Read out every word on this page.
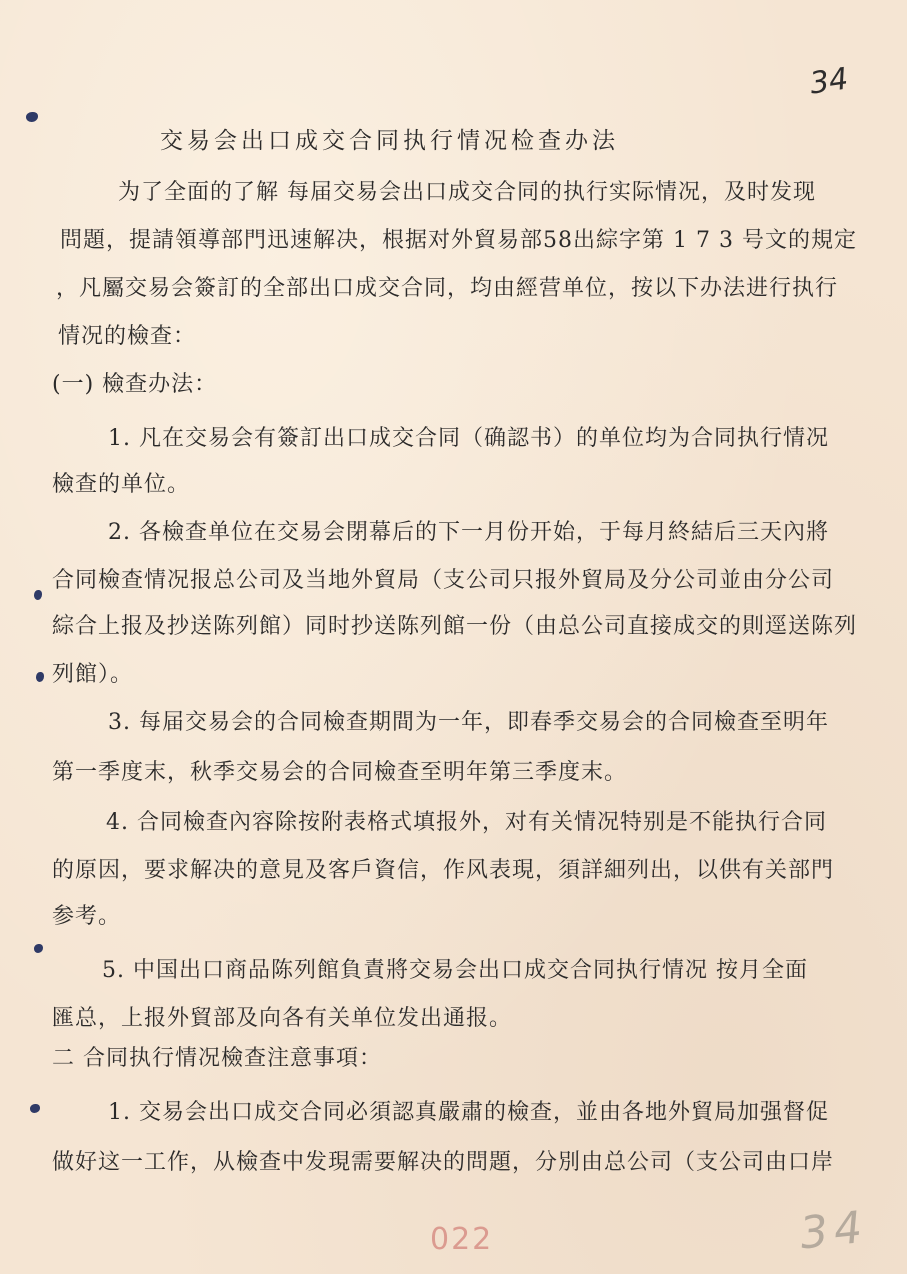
34
交易会出口成交合同执行情况检查办法
为了全面的了解 每届交易会出口成交合同的执行实际情况，及时发现
問題，提請領導部門迅速解决，根据对外貿易部58出綜字第 1 7 3 号文的規定
，凡屬交易会簽訂的全部出口成交合同，均由經营单位，按以下办法进行执行
情况的檢查：
(一) 檢查办法：
1. 凡在交易会有簽訂出口成交合同（确認书）的单位均为合同执行情况
檢查的单位。
2. 各檢查单位在交易会閉幕后的下一月份开始，于每月終結后三天內將
合同檢查情况报总公司及当地外貿局（支公司只报外貿局及分公司並由分公司
綜合上报及抄送陈列館）同时抄送陈列館一份（由总公司直接成交的則逕送陈列
列館）。
3. 每届交易会的合同檢查期間为一年，即春季交易会的合同檢查至明年
第一季度末，秋季交易会的合同檢查至明年第三季度末。
4. 合同檢查內容除按附表格式填报外，对有关情况特别是不能执行合同
的原因，要求解决的意見及客戶資信，作风表現，須詳細列出，以供有关部門
参考。
5. 中国出口商品陈列館負責將交易会出口成交合同执行情况 按月全面
匯总，上报外貿部及向各有关单位发出通报。
二 合同执行情况檢查注意事項：
1. 交易会出口成交合同必須認真嚴肅的檢查，並由各地外貿局加强督促
做好这一工作，从檢查中发現需要解决的問題，分別由总公司（支公司由口岸
022	34
